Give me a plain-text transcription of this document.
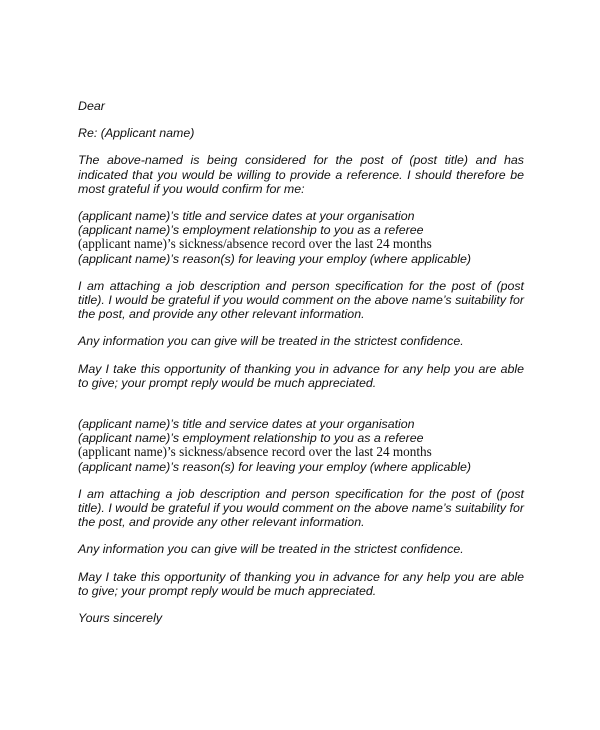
Dear

Re: (Applicant name)

The above-named is being considered for the post of (post title) and has indicated that you would be willing to provide a reference. I should therefore be most grateful if you would confirm for me:

(applicant name)’s title and service dates at your organisation
(applicant name)’s employment relationship to you as a referee
(applicant name)’s sickness/absence record over the last 24 months
(applicant name)’s reason(s) for leaving your employ (where applicable)

I am attaching a job description and person specification for the post of (post title). I would be grateful if you would comment on the above name’s suitability for the post, and provide any other relevant information.

Any information you can give will be treated in the strictest confidence.

May I take this opportunity of thanking you in advance for any help you are able to give; your prompt reply would be much appreciated.

(applicant name)’s title and service dates at your organisation
(applicant name)’s employment relationship to you as a referee
(applicant name)’s sickness/absence record over the last 24 months
(applicant name)’s reason(s) for leaving your employ (where applicable)

I am attaching a job description and person specification for the post of (post title). I would be grateful if you would comment on the above name’s suitability for the post, and provide any other relevant information.

Any information you can give will be treated in the strictest confidence.

May I take this opportunity of thanking you in advance for any help you are able to give; your prompt reply would be much appreciated.

Yours sincerely
